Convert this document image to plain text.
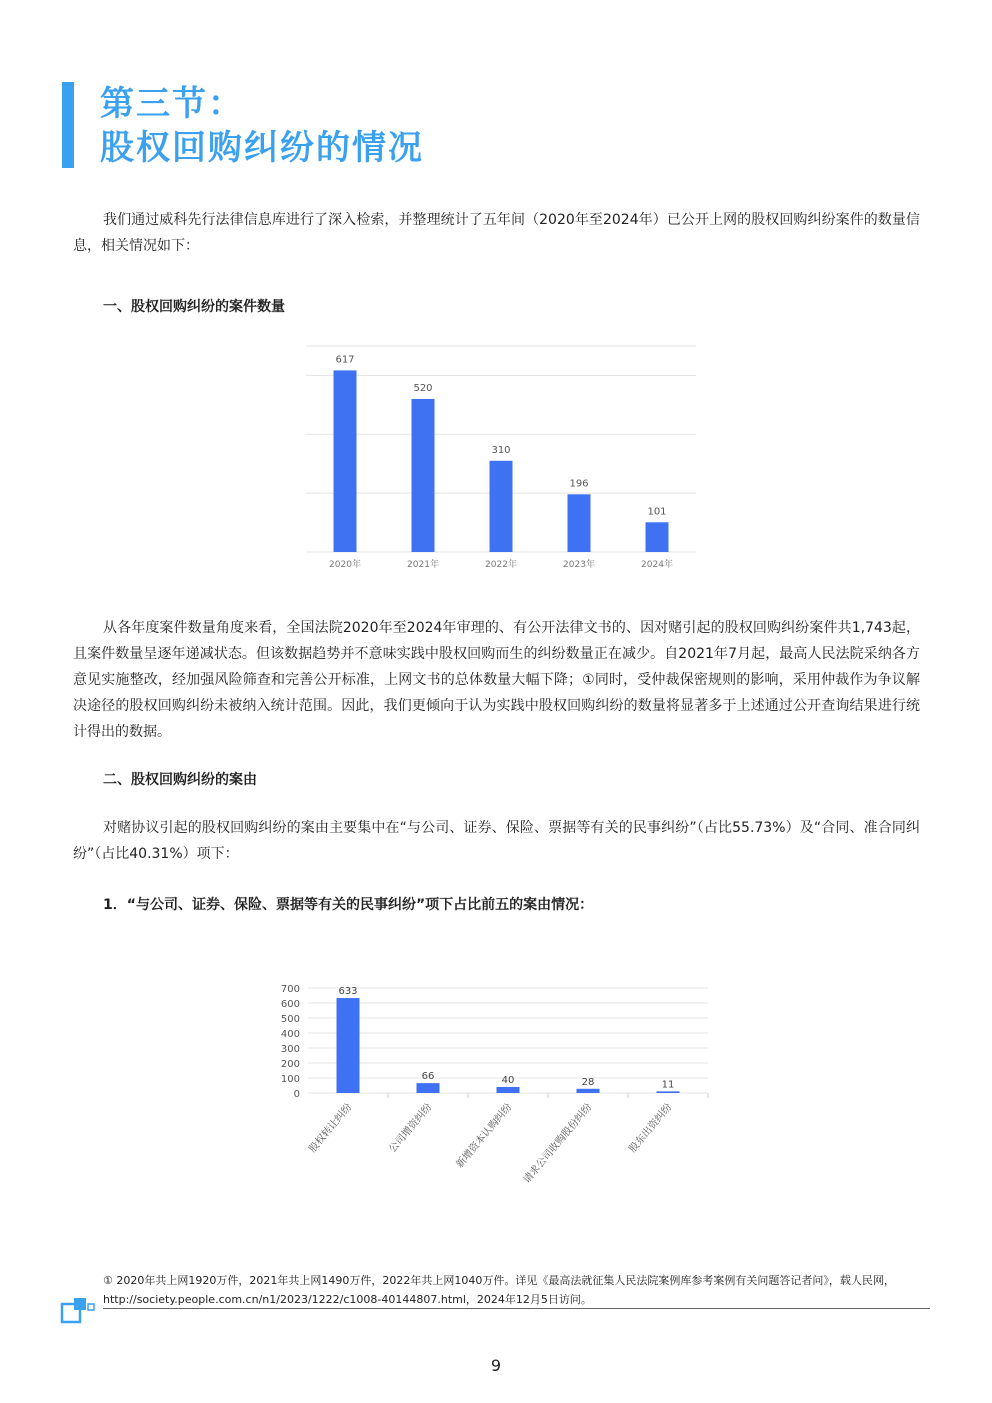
第三节：
股权回购纠纷的情况
我们通过威科先行法律信息库进行了深入检索，并整理统计了五年间（2020年至2024年）已公开上网的股权回购纠纷案件的数量信息，相关情况如下：
一、股权回购纠纷的案件数量
617
2020年
520
2021年
310
2022年
196
2023年
101
2024年
700
600
500
400
300
200
100
0
633
股权转让纠纷
66
公司增资纠纷
40
新增资本认购纠纷
28
请求公司收购股份纠纷
11
股东出资纠纷
从各年度案件数量角度来看，全国法院2020年至2024年审理的、有公开法律文书的、因对赌引起的股权回购纠纷案件共1,743起，且案件数量呈逐年递减状态。但该数据趋势并不意味实践中股权回购而生的纠纷数量正在减少。自2021年7月起，最高人民法院采纳各方意见实施整改，经加强风险筛查和完善公开标准，上网文书的总体数量大幅下降；①同时，受仲裁保密规则的影响，采用仲裁作为争议解决途径的股权回购纠纷未被纳入统计范围。因此，我们更倾向于认为实践中股权回购纠纷的数量将显著多于上述通过公开查询结果进行统计得出的数据。
二、股权回购纠纷的案由
对赌协议引起的股权回购纠纷的案由主要集中在“与公司、证券、保险、票据等有关的民事纠纷”（占比55.73%）及“合同、准合同纠纷”（占比40.31%）项下：
1．“与公司、证券、保险、票据等有关的民事纠纷”项下占比前五的案由情况：
① 2020年共上网1920万件，2021年共上网1490万件，2022年共上网1040万件。详见《最高法就征集人民法院案例库参考案例有关问题答记者问》，载人民网，http://society.people.com.cn/n1/2023/1222/c1008-40144807.html，2024年12月5日访问。
9
